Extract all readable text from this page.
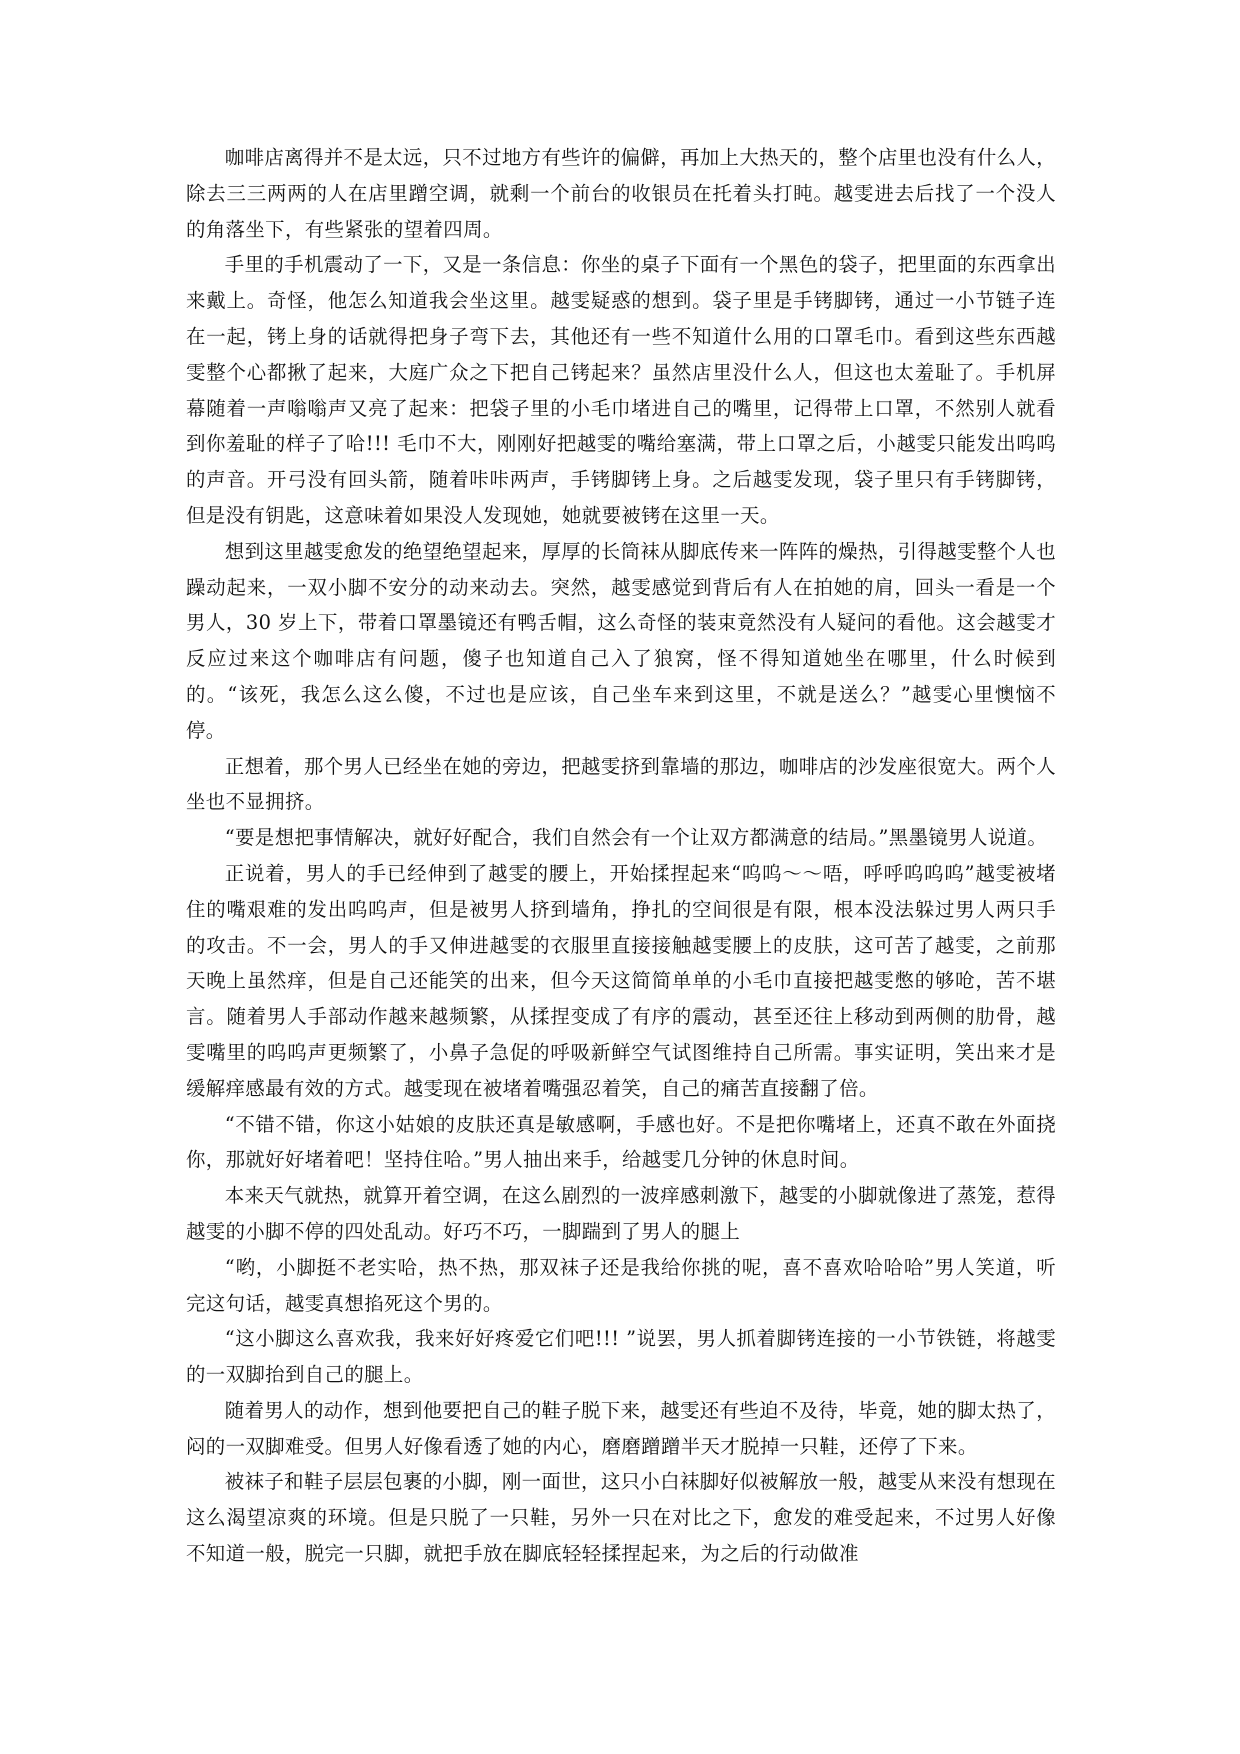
咖啡店离得并不是太远，只不过地方有些许的偏僻，再加上大热天的，整个店里也没有什么人，除去三三两两的人在店里蹭空调，就剩一个前台的收银员在托着头打盹。越雯进去后找了一个没人的角落坐下，有些紧张的望着四周。

手里的手机震动了一下，又是一条信息：你坐的桌子下面有一个黑色的袋子，把里面的东西拿出来戴上。奇怪，他怎么知道我会坐这里。越雯疑惑的想到。袋子里是手铐脚铐，通过一小节链子连在一起，铐上身的话就得把身子弯下去，其他还有一些不知道什么用的口罩毛巾。看到这些东西越雯整个心都揪了起来，大庭广众之下把自己铐起来？虽然店里没什么人，但这也太羞耻了。手机屏幕随着一声嗡嗡声又亮了起来：把袋子里的小毛巾堵进自己的嘴里，记得带上口罩，不然别人就看到你羞耻的样子了哈!!! 毛巾不大，刚刚好把越雯的嘴给塞满，带上口罩之后，小越雯只能发出呜呜的声音。开弓没有回头箭，随着咔咔两声，手铐脚铐上身。之后越雯发现，袋子里只有手铐脚铐，但是没有钥匙，这意味着如果没人发现她，她就要被铐在这里一天。

想到这里越雯愈发的绝望绝望起来，厚厚的长筒袜从脚底传来一阵阵的燥热，引得越雯整个人也躁动起来，一双小脚不安分的动来动去。突然，越雯感觉到背后有人在拍她的肩，回头一看是一个男人，30 岁上下，带着口罩墨镜还有鸭舌帽，这么奇怪的装束竟然没有人疑问的看他。这会越雯才反应过来这个咖啡店有问题，傻子也知道自己入了狼窝，怪不得知道她坐在哪里，什么时候到的。“该死，我怎么这么傻，不过也是应该，自己坐车来到这里，不就是送么？”越雯心里懊恼不停。

正想着，那个男人已经坐在她的旁边，把越雯挤到靠墙的那边，咖啡店的沙发座很宽大。两个人坐也不显拥挤。

“要是想把事情解决，就好好配合，我们自然会有一个让双方都满意的结局。”黑墨镜男人说道。

正说着，男人的手已经伸到了越雯的腰上，开始揉捏起来“呜呜～～唔，呼呼呜呜呜”越雯被堵住的嘴艰难的发出呜呜声，但是被男人挤到墙角，挣扎的空间很是有限，根本没法躲过男人两只手的攻击。不一会，男人的手又伸进越雯的衣服里直接接触越雯腰上的皮肤，这可苦了越雯，之前那天晚上虽然痒，但是自己还能笑的出来，但今天这简简单单的小毛巾直接把越雯憋的够呛，苦不堪言。随着男人手部动作越来越频繁，从揉捏变成了有序的震动，甚至还往上移动到两侧的肋骨，越雯嘴里的呜呜声更频繁了，小鼻子急促的呼吸新鲜空气试图维持自己所需。事实证明，笑出来才是缓解痒感最有效的方式。越雯现在被堵着嘴强忍着笑，自己的痛苦直接翻了倍。

“不错不错，你这小姑娘的皮肤还真是敏感啊，手感也好。不是把你嘴堵上，还真不敢在外面挠你，那就好好堵着吧！坚持住哈。”男人抽出来手，给越雯几分钟的休息时间。

本来天气就热，就算开着空调，在这么剧烈的一波痒感刺激下，越雯的小脚就像进了蒸笼，惹得越雯的小脚不停的四处乱动。好巧不巧，一脚踹到了男人的腿上

“哟，小脚挺不老实哈，热不热，那双袜子还是我给你挑的呢，喜不喜欢哈哈哈”男人笑道，听完这句话，越雯真想掐死这个男的。

“这小脚这么喜欢我，我来好好疼爱它们吧!!! ”说罢，男人抓着脚铐连接的一小节铁链，将越雯的一双脚抬到自己的腿上。

随着男人的动作，想到他要把自己的鞋子脱下来，越雯还有些迫不及待，毕竟，她的脚太热了，闷的一双脚难受。但男人好像看透了她的内心，磨磨蹭蹭半天才脱掉一只鞋，还停了下来。

被袜子和鞋子层层包裹的小脚，刚一面世，这只小白袜脚好似被解放一般，越雯从来没有想现在这么渴望凉爽的环境。但是只脱了一只鞋，另外一只在对比之下，愈发的难受起来，不过男人好像不知道一般，脱完一只脚，就把手放在脚底轻轻揉捏起来，为之后的行动做准
